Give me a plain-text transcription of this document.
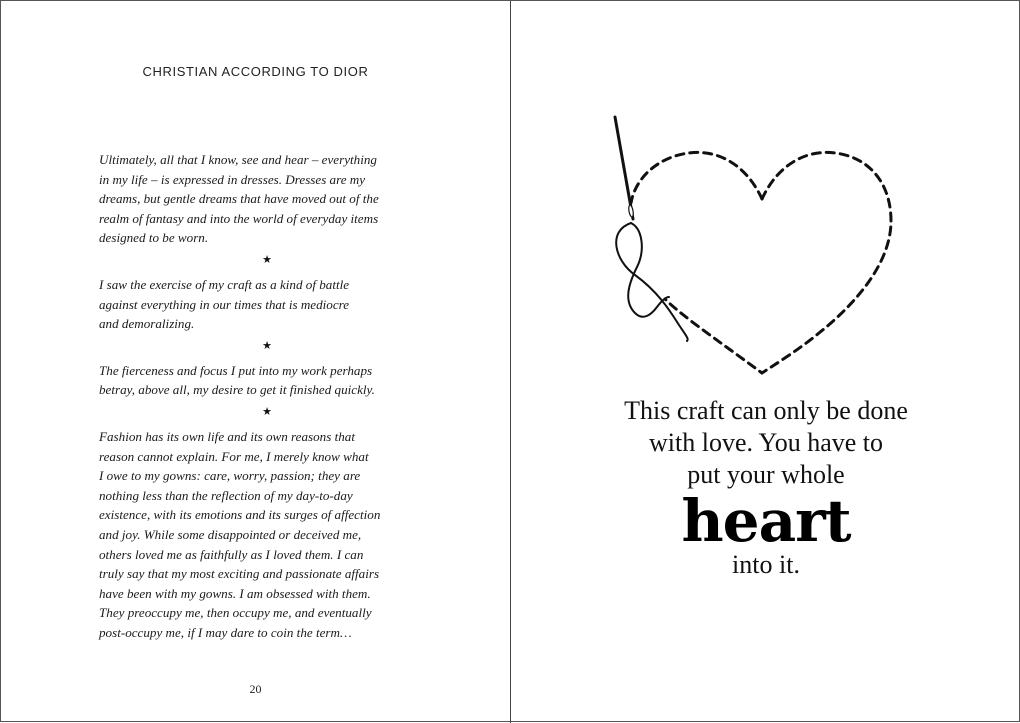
CHRISTIAN ACCORDING TO DIOR

Ultimately, all that I know, see and hear – everything
in my life – is expressed in dresses. Dresses are my
dreams, but gentle dreams that have moved out of the
realm of fantasy and into the world of everyday items
designed to be worn.

★

I saw the exercise of my craft as a kind of battle
against everything in our times that is mediocre
and demoralizing.

★

The fierceness and focus I put into my work perhaps
betray, above all, my desire to get it finished quickly.

★

Fashion has its own life and its own reasons that
reason cannot explain. For me, I merely know what
I owe to my gowns: care, worry, passion; they are
nothing less than the reflection of my day-to-day
existence, with its emotions and its surges of affection
and joy. While some disappointed or deceived me,
others loved me as faithfully as I loved them. I can
truly say that my most exciting and passionate affairs
have been with my gowns. I am obsessed with them.
They preoccupy me, then occupy me, and eventually
post-occupy me, if I may dare to coin the term…

20
This craft can only be done
with love. You have to
put your whole
heart
into it.
